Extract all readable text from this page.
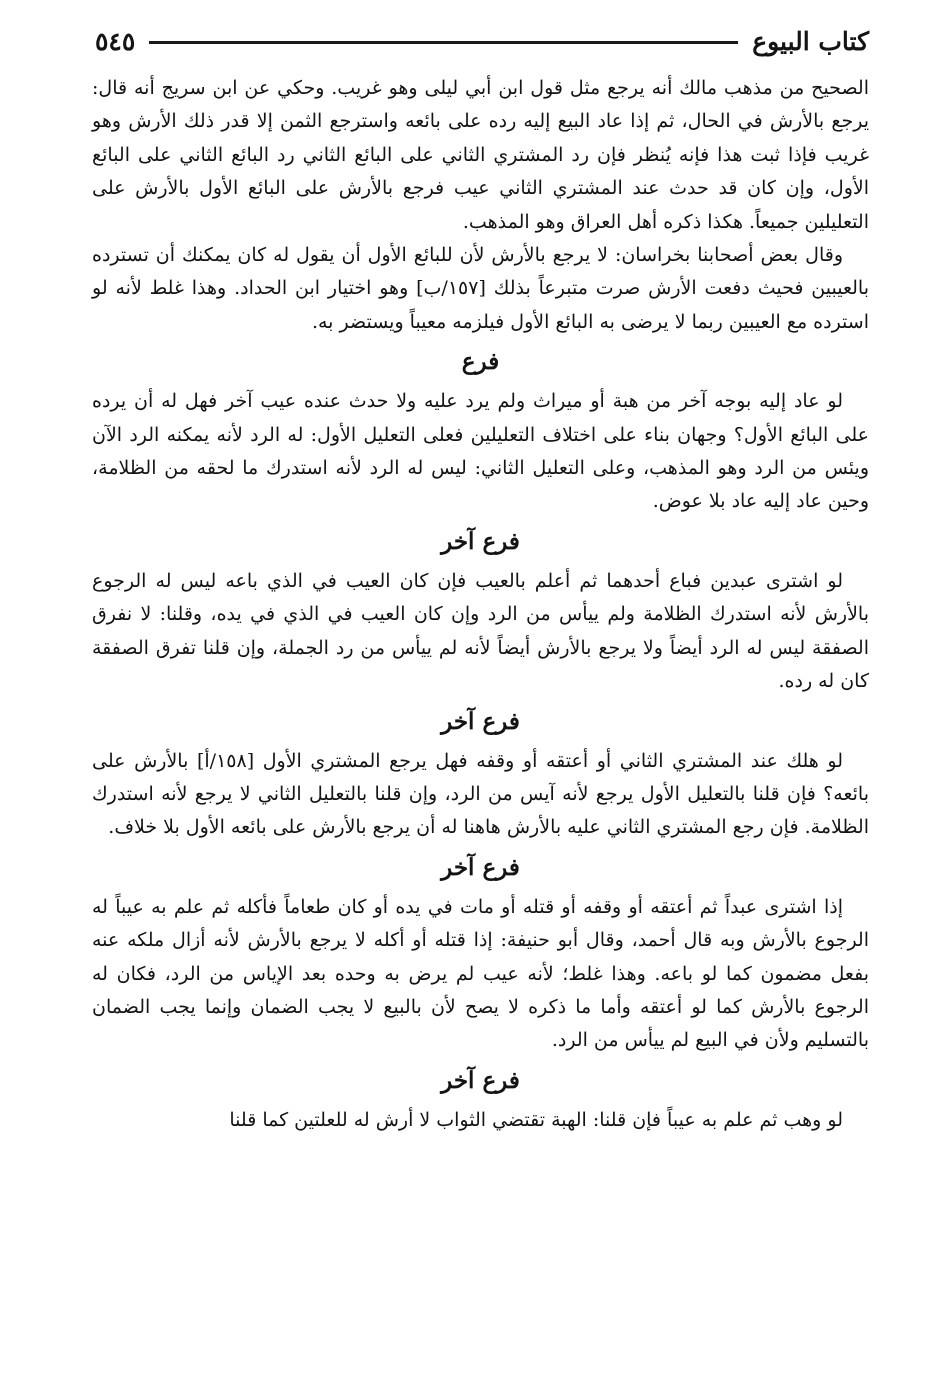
كتاب البيوع
٥٤٥

الصحيح من مذهب مالك أنه يرجع مثل قول ابن أبي ليلى وهو غريب. وحكي عن ابن سريج أنه قال: يرجع بالأرش في الحال، ثم إذا عاد البيع إليه رده على بائعه واسترجع الثمن إلا قدر ذلك الأرش وهو غريب فإذا ثبت هذا فإنه يُنظر فإن رد المشتري الثاني على البائع الثاني رد البائع الثاني على البائع الأول، وإن كان قد حدث عند المشتري الثاني عيب فرجع بالأرش على البائع الأول بالأرش على التعليلين جميعاً. هكذا ذكره أهل العراق وهو المذهب.

وقال بعض أصحابنا بخراسان: لا يرجع بالأرش لأن للبائع الأول أن يقول له كان يمكنك أن تسترده بالعيبين فحيث دفعت الأرش صرت متبرعاً بذلك [١٥٧/ب] وهو اختيار ابن الحداد. وهذا غلط لأنه لو استرده مع العيبين ربما لا يرضى به البائع الأول فيلزمه معيباً ويستضر به.

فرع

لو عاد إليه بوجه آخر من هبة أو ميراث ولم يرد عليه ولا حدث عنده عيب آخر فهل له أن يرده على البائع الأول؟ وجهان بناء على اختلاف التعليلين فعلى التعليل الأول: له الرد لأنه يمكنه الرد الآن ويئس من الرد وهو المذهب، وعلى التعليل الثاني: ليس له الرد لأنه استدرك ما لحقه من الظلامة، وحين عاد إليه عاد بلا عوض.

فرع آخر

لو اشترى عبدين فباع أحدهما ثم أعلم بالعيب فإن كان العيب في الذي باعه ليس له الرجوع بالأرش لأنه استدرك الظلامة ولم ييأس من الرد وإن كان العيب في الذي في يده، وقلنا: لا نفرق الصفقة ليس له الرد أيضاً ولا يرجع بالأرش أيضاً لأنه لم ييأس من رد الجملة، وإن قلنا تفرق الصفقة كان له رده.

فرع آخر

لو هلك عند المشتري الثاني أو أعتقه أو وقفه فهل يرجع المشتري الأول [١٥٨/أ] بالأرش على بائعه؟ فإن قلنا بالتعليل الأول يرجع لأنه آيس من الرد، وإن قلنا بالتعليل الثاني لا يرجع لأنه استدرك الظلامة. فإن رجع المشتري الثاني عليه بالأرش هاهنا له أن يرجع بالأرش على بائعه الأول بلا خلاف.

فرع آخر

إذا اشترى عبداً ثم أعتقه أو وقفه أو قتله أو مات في يده أو كان طعاماً فأكله ثم علم به عيباً له الرجوع بالأرش وبه قال أحمد، وقال أبو حنيفة: إذا قتله أو أكله لا يرجع بالأرش لأنه أزال ملكه عنه بفعل مضمون كما لو باعه. وهذا غلط؛ لأنه عيب لم يرض به وحده بعد الإياس من الرد، فكان له الرجوع بالأرش كما لو أعتقه وأما ما ذكره لا يصح لأن بالبيع لا يجب الضمان وإنما يجب الضمان بالتسليم ولأن في البيع لم ييأس من الرد.

فرع آخر

لو وهب ثم علم به عيباً فإن قلنا: الهبة تقتضي الثواب لا أرش له للعلتين كما قلنا
